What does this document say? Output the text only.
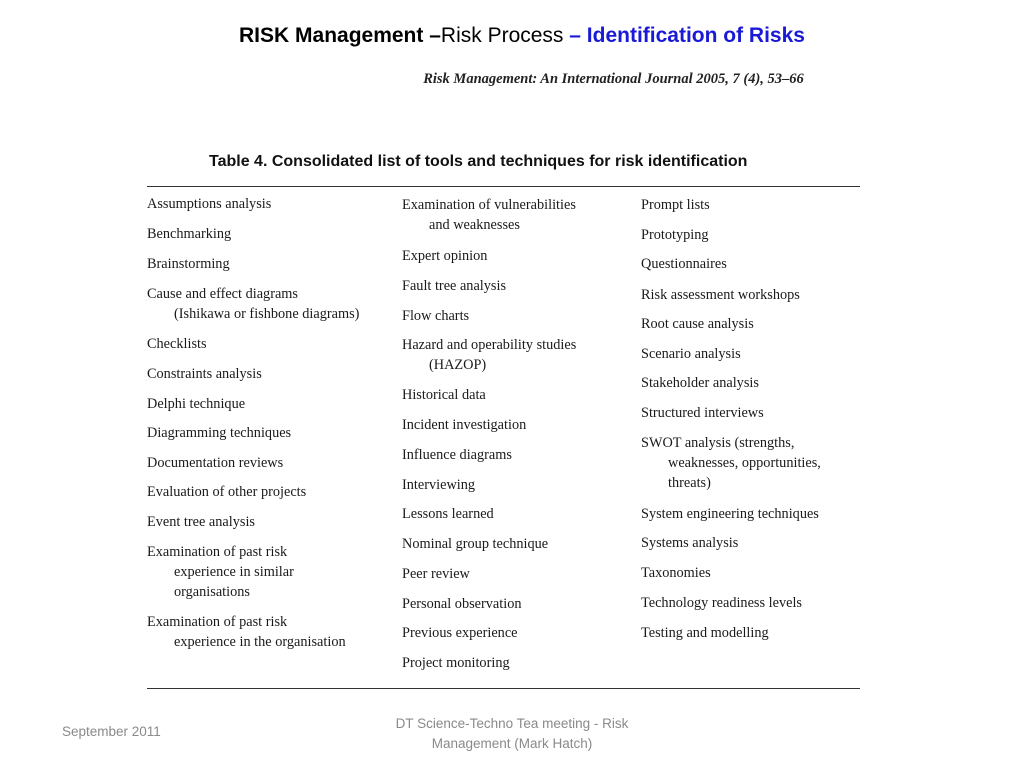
RISK Management –Risk Process – Identification of Risks
Risk Management: An International Journal 2005, 7 (4), 53–66
Table 4. Consolidated list of tools and techniques for risk identification
Assumptions analysis
Benchmarking
Brainstorming
Cause and effect diagrams
(Ishikawa or fishbone diagrams)
Checklists
Constraints analysis
Delphi technique
Diagramming techniques
Documentation reviews
Evaluation of other projects
Event tree analysis
Examination of past risk
experience in similar
organisations
Examination of past risk
experience in the organisation
Examination of vulnerabilities
and weaknesses
Expert opinion
Fault tree analysis
Flow charts
Hazard and operability studies
(HAZOP)
Historical data
Incident investigation
Influence diagrams
Interviewing
Lessons learned
Nominal group technique
Peer review
Personal observation
Previous experience
Project monitoring
Prompt lists
Prototyping
Questionnaires
Risk assessment workshops
Root cause analysis
Scenario analysis
Stakeholder analysis
Structured interviews
SWOT analysis (strengths,
weaknesses, opportunities,
threats)
System engineering techniques
Systems analysis
Taxonomies
Technology readiness levels
Testing and modelling
September 2011
DT Science-Techno Tea meeting - Risk
Management (Mark Hatch)
